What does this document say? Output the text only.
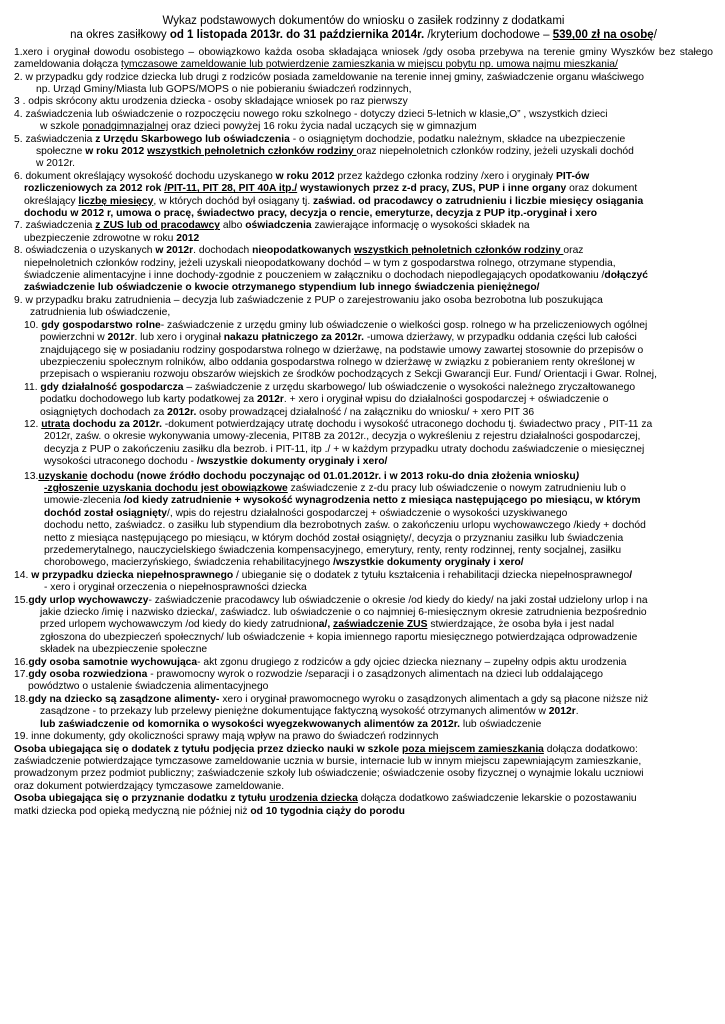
Wykaz podstawowych dokumentów do wniosku o zasiłek rodzinny z dodatkami
na okres zasiłkowy od 1 listopada 2013r. do 31 października 2014r. /kryterium dochodowe – 539,00 zł na osobę/
1.xero i oryginał dowodu osobistego – obowiązkowo każda osoba składająca wniosek /gdy osoba przebywa na terenie gminy Wyszków bez stałego zameldowania dołącza tymczasowe zameldowanie lub potwierdzenie zamieszkania w miejscu pobytu np. umowa najmu mieszkania/
2. w przypadku gdy rodzice dziecka lub drugi z rodziców posiada zameldowanie na terenie innej gminy, zaświadczenie organu właściwego
np. Urząd Gminy/Miasta lub GOPS/MOPS o nie pobieraniu świadczeń rodzinnych,
3 . odpis skrócony aktu urodzenia dziecka - osoby składające wniosek po raz pierwszy
4. zaświadczenia lub oświadczenie o rozpoczęciu nowego roku szkolnego - dotyczy dzieci 5-letnich w klasie„O” , wszystkich dzieci
w szkole ponadgimnazjalnej oraz dzieci powyżej 16 roku życia nadal uczących się w gimnazjum
5. zaświadczenia z Urzędu Skarbowego lub oświadczenia - o osiągniętym dochodzie, podatku należnym, składce na ubezpieczenie
społeczne w roku 2012 wszystkich pełnoletnich członków rodziny oraz niepełnoletnich członków rodziny, jeżeli uzyskali dochód
w 2012r.
6. dokument określający wysokość dochodu uzyskanego w roku 2012 przez każdego członka rodziny /xero i oryginały PIT-ów
rozliczeniowych za 2012 rok /PIT-11, PIT 28, PIT 40A itp./ wystawionych przez z-d pracy, ZUS, PUP i inne organy oraz dokument
określający liczbę miesięcy, w których dochód był osiągany tj. zaświad. od pracodawcy o zatrudnieniu i liczbie miesięcy osiągania
dochodu w 2012 r, umowa o pracę, świadectwo pracy, decyzja o rencie, emeryturze, decyzja z PUP itp.-oryginał i xero
7. zaświadczenia z ZUS lub od pracodawcy albo oświadczenia zawierające informację o wysokości składek na
ubezpieczenie zdrowotne w roku 2012
8. oświadczenia o uzyskanych w 2012r. dochodach nieopodatkowanych wszystkich pełnoletnich członków rodziny oraz
niepełnoletnich członków rodziny, jeżeli uzyskali nieopodatkowany dochód – w tym z gospodarstwa rolnego, otrzymane stypendia,
świadczenie alimentacyjne i inne dochody-zgodnie z pouczeniem w załączniku o dochodach niepodlegających opodatkowaniu /dołączyć
zaświadczenie lub oświadczenie o kwocie otrzymanego stypendium lub innego świadczenia pieniężnego/
9. w przypadku braku zatrudnienia – decyzja lub zaświadczenie z PUP o zarejestrowaniu jako osoba bezrobotna lub poszukująca
zatrudnienia lub oświadczenie,
10. gdy gospodarstwo rolne- zaświadczenie z urzędu gminy lub oświadczenie o wielkości gosp. rolnego w ha przeliczeniowych ogólnej
powierzchni w 2012r. lub xero i oryginał nakazu płatniczego za 2012r. -umowa dzierżawy, w przypadku oddania części lub całości
znajdującego się w posiadaniu rodziny gospodarstwa rolnego w dzierżawę, na podstawie umowy zawartej stosownie do przepisów o
ubezpieczeniu społecznym rolników, albo oddania gospodarstwa rolnego w dzierżawę w związku z pobieraniem renty określonej w
przepisach o wspieraniu rozwoju obszarów wiejskich ze środków pochodzących z Sekcji Gwarancji Eur. Fund/ Orientacji i Gwar. Rolnej,
11. gdy działalność gospodarcza – zaświadczenie z urzędu skarbowego/ lub oświadczenie o wysokości należnego zryczałtowanego
podatku dochodowego lub karty podatkowej za 2012r. + xero i oryginał wpisu do działalności gospodarczej + oświadczenie o
osiągniętych dochodach za 2012r. osoby prowadzącej działalność / na załączniku do wniosku/ + xero PIT 36
12. utrata dochodu za 2012r. -dokument potwierdzający utratę dochodu i wysokość utraconego dochodu tj. świadectwo pracy , PIT-11 za
2012r, zaśw. o okresie wykonywania umowy-zlecenia, PIT8B za 2012r., decyzja o wykreśleniu z rejestru działalności gospodarczej,
decyzja z PUP o zakończeniu zasiłku dla bezrob. i PIT-11, itp ./ + w każdym przypadku utraty dochodu zaświadczenie o miesięcznej
wysokości utraconego dochodu - /wszystkie dokumenty oryginały i xero/
13.uzyskanie dochodu (nowe źródło dochodu poczynając od 01.01.2012r. i w 2013 roku-do dnia złożenia wniosku)
-zgłoszenie uzyskania dochodu jest obowiązkowe zaświadczenie z z-du pracy lub oświadczenie o nowym zatrudnieniu lub o
umowie-zlecenia /od kiedy zatrudnienie + wysokość wynagrodzenia netto z miesiąca następującego po miesiącu, w którym
dochód został osiągnięty/, wpis do rejestru działalności gospodarczej + oświadczenie o wysokości uzyskiwanego
dochodu netto, zaświadcz. o zasiłku lub stypendium dla bezrobotnych zaśw. o zakończeniu urlopu wychowawczego /kiedy + dochód
netto z miesiąca następującego po miesiącu, w którym dochód został osiągnięty/, decyzja o przyznaniu zasiłku lub świadczenia
przedemerytalnego, nauczycielskiego świadczenia kompensacyjnego, emerytury, renty, renty rodzinnej, renty socjalnej, zasiłku
chorobowego, macierzyńskiego, świadczenia rehabilitacyjnego /wszystkie dokumenty oryginały i xero/
14. w przypadku dziecka niepełnosprawnego / ubieganie się o dodatek z tytułu kształcenia i rehabilitacji dziecka niepełnosprawnego/
- xero i oryginał orzeczenia o niepełnosprawności dziecka
15.gdy urlop wychowawczy- zaświadczenie pracodawcy lub oświadczenie o okresie /od kiedy do kiedy/ na jaki został udzielony urlop i na
jakie dziecko /imię i nazwisko dziecka/, zaświadcz. lub oświadczenie o co najmniej 6-miesięcznym okresie zatrudnienia bezpośrednio
przed urlopem wychowawczym /od kiedy do kiedy zatrudniona/, zaświadczenie ZUS stwierdzające, że osoba była i jest nadal
zgłoszona do ubezpieczeń społecznych/ lub oświadczenie + kopia imiennego raportu miesięcznego potwierdzająca odprowadzenie
składek na ubezpieczenie społeczne
16.gdy osoba samotnie wychowująca- akt zgonu drugiego z rodziców a gdy ojciec dziecka nieznany – zupełny odpis aktu urodzenia
17.gdy osoba rozwiedziona - prawomocny wyrok o rozwodzie /separacji i o zasądzonych alimentach na dzieci lub oddalającego
powództwo o ustalenie świadczenia alimentacyjnego
18.gdy na dziecko są zasądzone alimenty- xero i oryginał prawomocnego wyroku o zasądzonych alimentach a gdy są płacone niższe niż
zasądzone - to przekazy lub przelewy pieniężne dokumentujące faktyczną wysokość otrzymanych alimentów w 2012r.
lub zaświadczenie od komornika o wysokości wyegzekwowanych alimentów za 2012r. lub oświadczenie
19. inne dokumenty, gdy okoliczności sprawy mają wpływ na prawo do świadczeń rodzinnych
Osoba ubiegająca się o dodatek z tytułu podjęcia przez dziecko nauki w szkole poza miejscem zamieszkania dołącza dodatkowo:
zaświadczenie potwierdzające tymczasowe zameldowanie ucznia w bursie, internacie lub w innym miejscu zapewniającym zamieszkanie,
prowadzonym przez podmiot publiczny; zaświadczenie szkoły lub oświadczenie; oświadczenie osoby fizycznej o wynajmie lokalu uczniowi
oraz dokument potwierdzający tymczasowe zameldowanie.
Osoba ubiegająca się o przyznanie dodatku z tytułu urodzenia dziecka dołącza dodatkowo zaświadczenie lekarskie o pozostawaniu
matki dziecka pod opieką medyczną nie później niż od 10 tygodnia ciąży do porodu
